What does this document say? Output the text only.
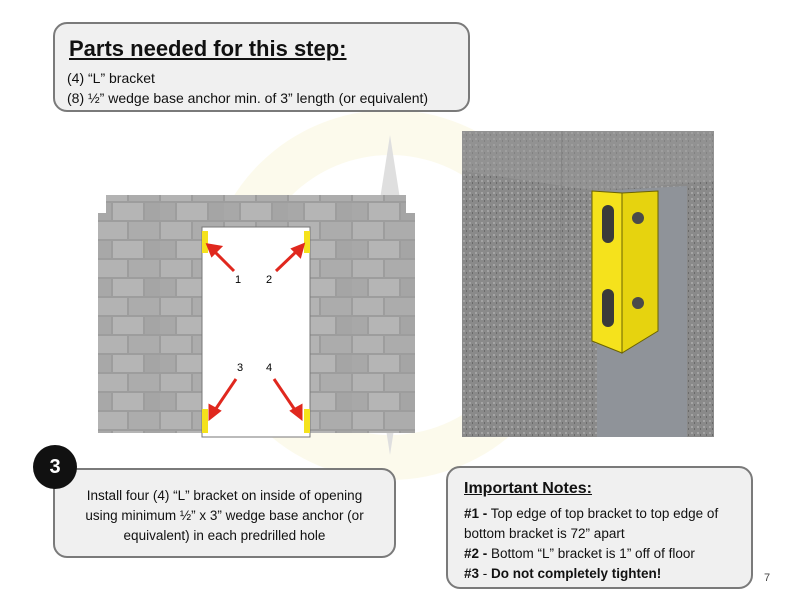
Parts needed for this step:
(4) “L” bracket
(8) ½” wedge base anchor min. of 3” length (or equivalent)
1 2
3 4
3
Install four (4) “L” bracket on inside of opening using minimum ½” x 3” wedge base anchor (or equivalent) in each predrilled hole
Important Notes:
#1 - Top edge of top bracket to top edge of bottom bracket is 72” apart
#2 - Bottom “L” bracket is 1” off of floor
#3 - Do not completely tighten!	7
